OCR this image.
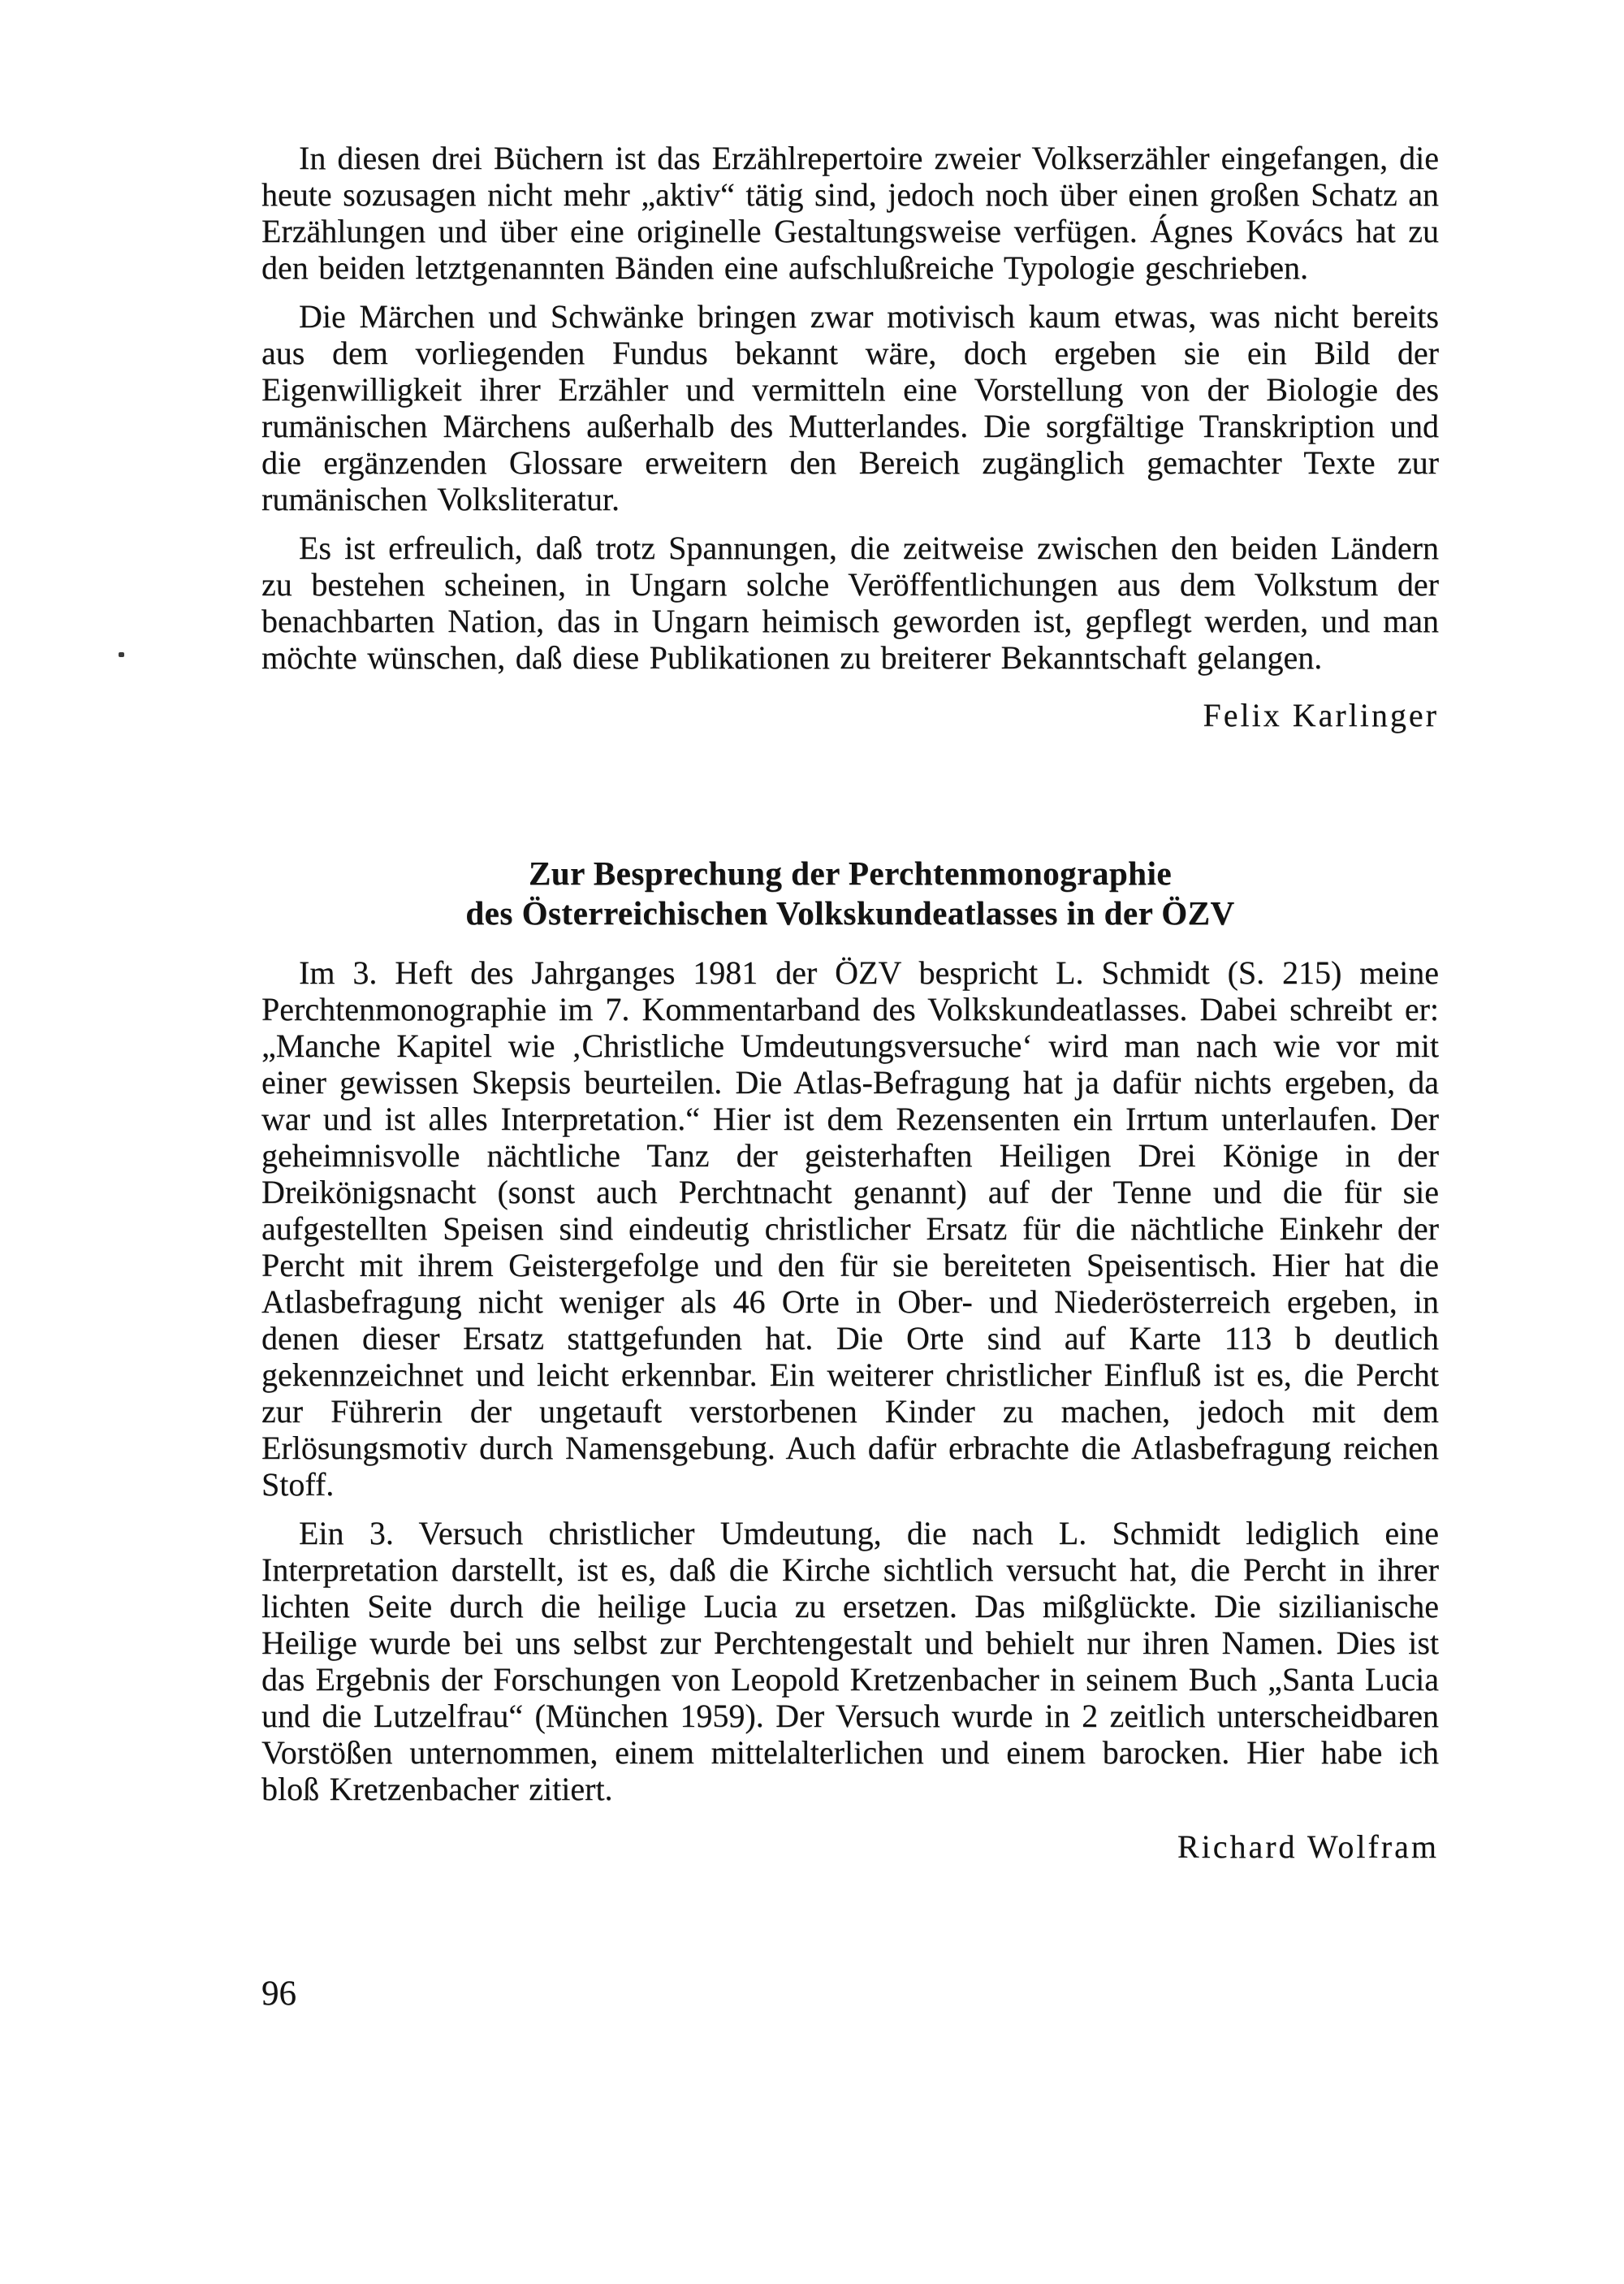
In diesen drei Büchern ist das Erzählrepertoire zweier Volkserzähler eingefangen, die heute sozusagen nicht mehr „aktiv“ tätig sind, jedoch noch über einen großen Schatz an Erzählungen und über eine originelle Gestaltungsweise verfügen. Ágnes Kovács hat zu den beiden letztgenannten Bänden eine aufschlußreiche Typologie geschrieben.

Die Märchen und Schwänke bringen zwar motivisch kaum etwas, was nicht bereits aus dem vorliegenden Fundus bekannt wäre, doch ergeben sie ein Bild der Eigenwilligkeit ihrer Erzähler und vermitteln eine Vorstellung von der Biologie des rumänischen Märchens außerhalb des Mutterlandes. Die sorgfältige Transkription und die ergänzenden Glossare erweitern den Bereich zugänglich gemachter Texte zur rumänischen Volksliteratur.

Es ist erfreulich, daß trotz Spannungen, die zeitweise zwischen den beiden Ländern zu bestehen scheinen, in Ungarn solche Veröffentlichungen aus dem Volkstum der benachbarten Nation, das in Ungarn heimisch geworden ist, gepflegt werden, und man möchte wünschen, daß diese Publikationen zu breiterer Bekanntschaft gelangen.

Felix Karlinger
Zur Besprechung der Perchtenmonographie
des Österreichischen Volkskundeatlasses in der ÖZV

Im 3. Heft des Jahrganges 1981 der ÖZV bespricht L. Schmidt (S. 215) meine Perchtenmonographie im 7. Kommentarband des Volkskundeatlasses. Dabei schreibt er: „Manche Kapitel wie ‚Christliche Umdeutungsversuche‘ wird man nach wie vor mit einer gewissen Skepsis beurteilen. Die Atlas-Befragung hat ja dafür nichts ergeben, da war und ist alles Interpretation.“ Hier ist dem Rezensenten ein Irrtum unterlaufen. Der geheimnisvolle nächtliche Tanz der geisterhaften Heiligen Drei Könige in der Dreikönigsnacht (sonst auch Perchtnacht genannt) auf der Tenne und die für sie aufgestellten Speisen sind eindeutig christlicher Ersatz für die nächtliche Einkehr der Percht mit ihrem Geistergefolge und den für sie bereiteten Speisentisch. Hier hat die Atlasbefragung nicht weniger als 46 Orte in Ober- und Niederösterreich ergeben, in denen dieser Ersatz stattgefunden hat. Die Orte sind auf Karte 113 b deutlich gekennzeichnet und leicht erkennbar. Ein weiterer christlicher Einfluß ist es, die Percht zur Führerin der ungetauft verstorbenen Kinder zu machen, jedoch mit dem Erlösungsmotiv durch Namensgebung. Auch dafür erbrachte die Atlasbefragung reichen Stoff.

Ein 3. Versuch christlicher Umdeutung, die nach L. Schmidt lediglich eine Interpretation darstellt, ist es, daß die Kirche sichtlich versucht hat, die Percht in ihrer lichten Seite durch die heilige Lucia zu ersetzen. Das mißglückte. Die sizilianische Heilige wurde bei uns selbst zur Perchtengestalt und behielt nur ihren Namen. Dies ist das Ergebnis der Forschungen von Leopold Kretzenbacher in seinem Buch „Santa Lucia und die Lutzelfrau“ (München 1959). Der Versuch wurde in 2 zeitlich unterscheidbaren Vorstößen unternommen, einem mittelalterlichen und einem barocken. Hier habe ich bloß Kretzenbacher zitiert.

Richard Wolfram
96
